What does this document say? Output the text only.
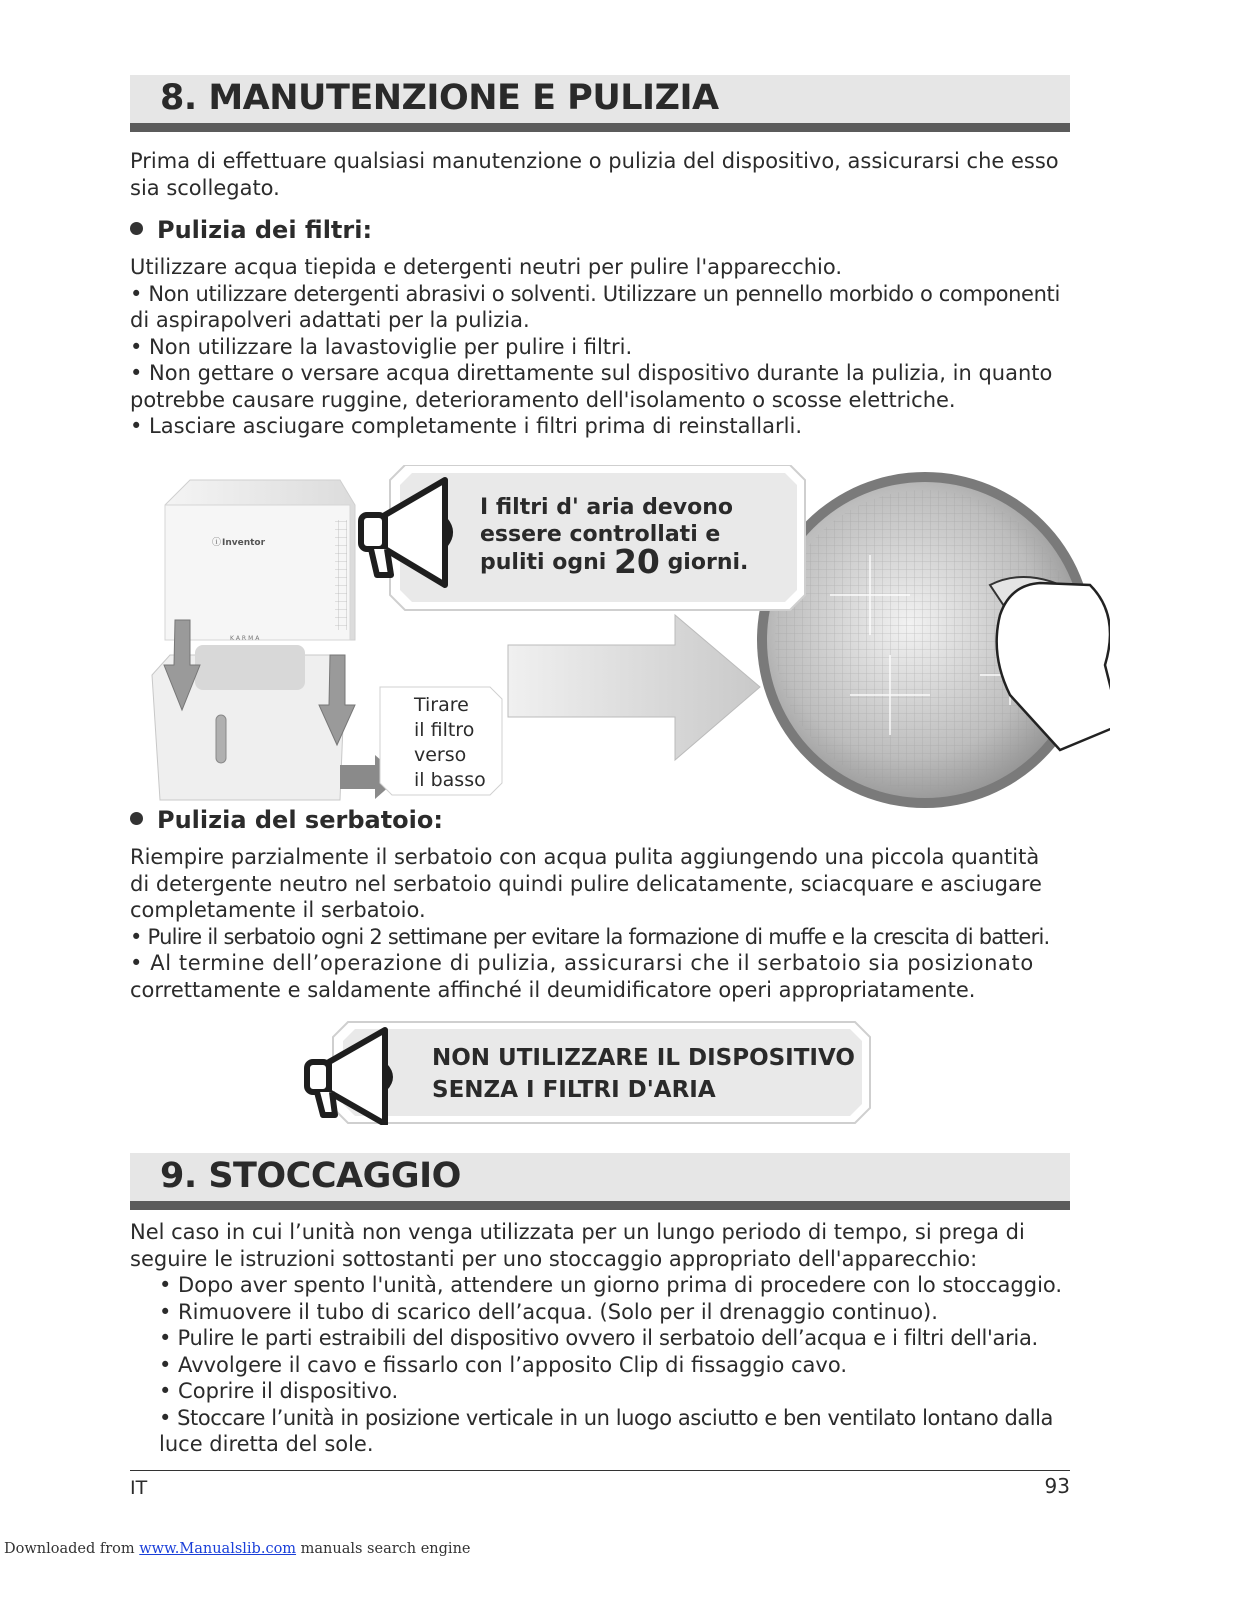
8. MANUTENZIONE E PULIZIA
Prima di effettuare qualsiasi manutenzione o pulizia del dispositivo, assicurarsi che esso
sia scollegato.
Pulizia dei filtri:
Utilizzare acqua tiepida e detergenti neutri per pulire l'apparecchio.
• Non utilizzare detergenti abrasivi o solventi. Utilizzare un pennello morbido o componenti
di aspirapolveri adattati per la pulizia.
• Non utilizzare la lavastoviglie per pulire i filtri.
• Non gettare o versare acqua direttamente sul dispositivo durante la pulizia, in quanto
potrebbe causare ruggine, deterioramento dell'isolamento o scosse elettriche.
• Lasciare asciugare completamente i filtri prima di reinstallarli.
ⓘ Inventor
KARMA
I filtri d' aria devono
essere controllati e
puliti ogni 20 giorni.
Tirare
il filtro
verso
il basso
Pulizia del serbatoio:
Riempire parzialmente il serbatoio con acqua pulita aggiungendo una piccola quantità
di detergente neutro nel serbatoio quindi pulire delicatamente, sciacquare e asciugare
completamente il serbatoio.
• Pulire il serbatoio ogni 2 settimane per evitare la formazione di muffe e la crescita di batteri.
• Al termine dell’operazione di pulizia, assicurarsi che il serbatoio sia posizionato
correttamente e saldamente affinché il deumidificatore operi appropriatamente.
NON UTILIZZARE IL DISPOSITIVO
SENZA I FILTRI D'ARIA
9. STOCCAGGIO
Nel caso in cui l’unità non venga utilizzata per un lungo periodo di tempo, si prega di
seguire le istruzioni sottostanti per uno stoccaggio appropriato dell'apparecchio:
• Dopo aver spento l'unità, attendere un giorno prima di procedere con lo stoccaggio.
• Rimuovere il tubo di scarico dell’acqua. (Solo per il drenaggio continuo).
• Pulire le parti estraibili del dispositivo ovvero il serbatoio dell’acqua e i filtri dell'aria.
• Avvolgere il cavo e fissarlo con l’apposito Clip di fissaggio cavo.
• Coprire il dispositivo.
• Stoccare l’unità in posizione verticale in un luogo asciutto e ben ventilato lontano dalla
luce diretta del sole.
IT	93
Downloaded from www.Manualslib.com manuals search engine
